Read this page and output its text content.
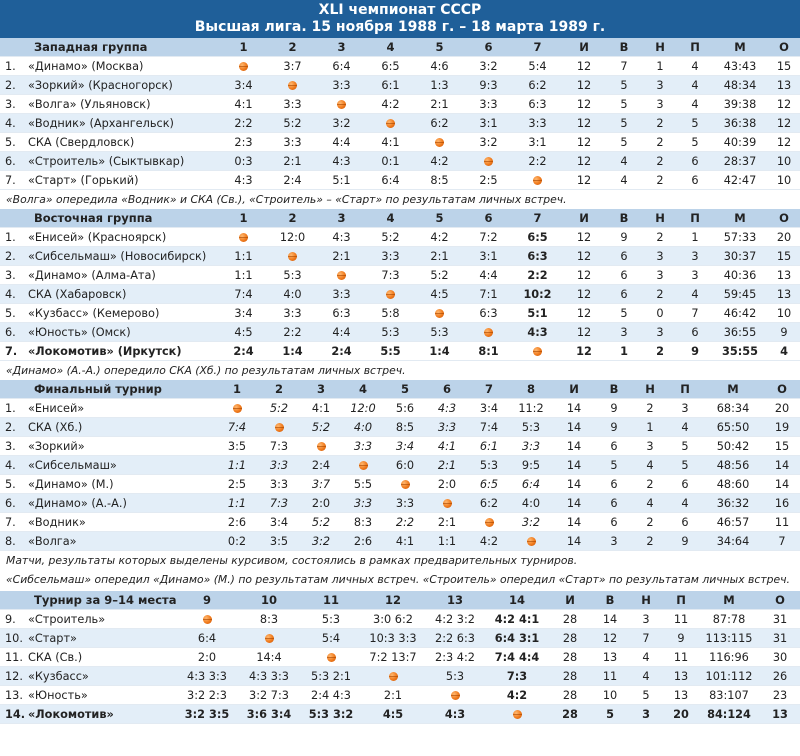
XLI чемпионат СССР
Высшая лига. 15 ноября 1988 г. – 18 марта 1989 г.
Западная группа		1	2	3	4	5	6	7	И	В	Н	П	М	О
1.	«Динамо» (Москва)		3:7	6:4	6:5	4:6	3:2	5:4	12	7	1	4	43:43	15
2.	«Зоркий» (Красногорск)	3:4		3:3	6:1	1:3	9:3	6:2	12	5	3	4	48:34	13
3.	«Волга» (Ульяновск)	4:1	3:3		4:2	2:1	3:3	6:3	12	5	3	4	39:38	12
4.	«Водник» (Архангельск)	2:2	5:2	3:2		6:2	3:1	3:3	12	5	2	5	36:38	12
5.	СКА (Свердловск)	2:3	3:3	4:4	4:1		3:2	3:1	12	5	2	5	40:39	12
6.	«Строитель» (Сыктывкар)	0:3	2:1	4:3	0:1	4:2		2:2	12	4	2	6	28:37	10
7.	«Старт» (Горький)	4:3	2:4	5:1	6:4	8:5	2:5		12	4	2	6	42:47	10
«Волга» опередила «Водник» и СКА (Св.), «Строитель» – «Старт» по результатам личных встреч.
Восточная группа		1	2	3	4	5	6	7	И	В	Н	П	М	О
1.	«Енисей» (Красноярск)		12:0	4:3	5:2	4:2	7:2	6:5	12	9	2	1	57:33	20
2.	«Сибсельмаш» (Новосибирск)	1:1		2:1	3:3	2:1	3:1	6:3	12	6	3	3	30:37	15
3.	«Динамо» (Алма-Ата)	1:1	5:3		7:3	5:2	4:4	2:2	12	6	3	3	40:36	13
4.	СКА (Хабаровск)	7:4	4:0	3:3		4:5	7:1	10:2	12	6	2	4	59:45	13
5.	«Кузбасс» (Кемерово)	3:4	3:3	6:3	5:8		6:3	5:1	12	5	0	7	46:42	10
6.	«Юность» (Омск)	4:5	2:2	4:4	5:3	5:3		4:3	12	3	3	6	36:55	9
7.	«Локомотив» (Иркутск)	2:4	1:4	2:4	5:5	1:4	8:1		12	1	2	9	35:55	4
«Динамо» (А.-А.) опередило СКА (Хб.) по результатам личных встреч.
Финальный турнир		1	2	3	4	5	6	7	8	И	В	Н	П	М	О
1.	«Енисей»		5:2	4:1	12:0	5:6	4:3	3:4	11:2	14	9	2	3	68:34	20
2.	СКА (Хб.)	7:4		5:2	4:0	8:5	3:3	7:4	5:3	14	9	1	4	65:50	19
3.	«Зоркий»	3:5	7:3		3:3	3:4	4:1	6:1	3:3	14	6	3	5	50:42	15
4.	«Сибсельмаш»	1:1	3:3	2:4		6:0	2:1	5:3	9:5	14	5	4	5	48:56	14
5.	«Динамо» (М.)	2:5	3:3	3:7	5:5		2:0	6:5	6:4	14	6	2	6	48:60	14
6.	«Динамо» (А.-А.)	1:1	7:3	2:0	3:3	3:3		6:2	4:0	14	6	4	4	36:32	16
7.	«Водник»	2:6	3:4	5:2	8:3	2:2	2:1		3:2	14	6	2	6	46:57	11
8.	«Волга»	0:2	3:5	3:2	2:6	4:1	1:1	4:2		14	3	2	9	34:64	7
Матчи, результаты которых выделены курсивом, состоялись в рамках предварительных турниров.
«Сибсельмаш» опередил «Динамо» (М.) по результатам личных встреч. «Строитель» опередил «Старт» по результатам личных встреч.
Турнир за 9–14 места		9	10	11	12	13	14	И	В	Н	П	М	О
9.	«Строитель»		8:3	5:3	3:0 6:2	4:2 3:2	4:2 4:1	28	14	3	11	87:78	31
10.	«Старт»	6:4		5:4	10:3 3:3	2:2 6:3	6:4 3:1	28	12	7	9	113:115	31
11.	СКА (Св.)	2:0	14:4		7:2 13:7	2:3 4:2	7:4 4:4	28	13	4	11	116:96	30
12.	«Кузбасс»	4:3 3:3	4:3 3:3	5:3 2:1		5:3	7:3	28	11	4	13	101:112	26
13.	«Юность»	3:2 2:3	3:2 7:3	2:4 4:3	2:1		4:2	28	10	5	13	83:107	23
14.	«Локомотив»	3:2 3:5	3:6 3:4	5:3 3:2	4:5	4:3		28	5	3	20	84:124	13
